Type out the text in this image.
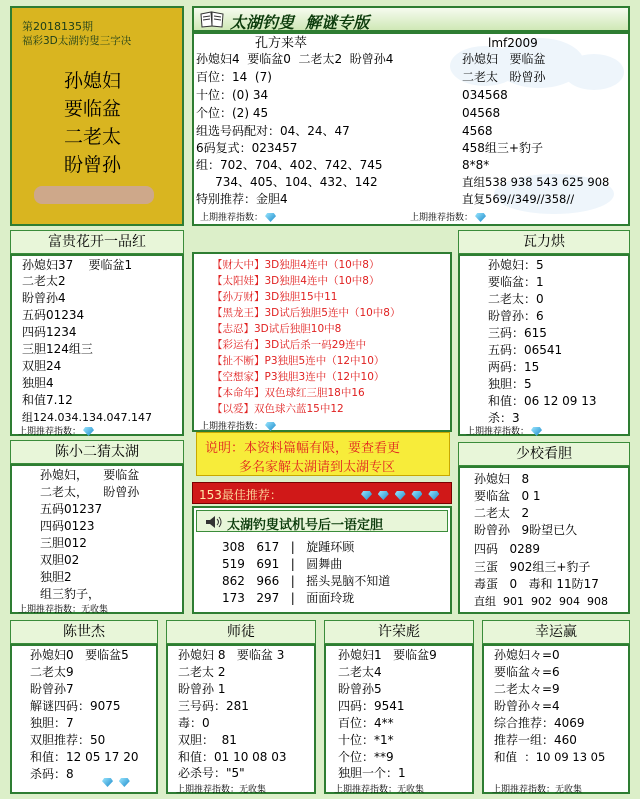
第2018135期
福彩3D太湖钓叟三字决
孙媳妇
要临盆
二老太
盼曾孙
太湖钓叟  解谜专版
孔方来萃
孙媳妇4  要临盆0  二老太2  盼曾孙4
百位：14  (7)
十位：(0) 34
个位：(2) 45
组选号码配对：04、24、47
6码复式：023457
组：702、704、402、742、745
734、405、104、432、142
特别推荐：金胆4
上期推荐指数：
lmf2009
孙媳妇   要临盆
二老太   盼曾孙
034568
04568
4568
458组三+豹子
8*8*
直组538 938 543 625 908
直复569//349//358//
上期推荐指数：
富贵花开一品红
孙媳妇37    要临盆1
二老太2
盼曾孙4
五码01234
四码1234
三胆124组三
双胆24
独胆4
和值7.12
组124.034.134.047.147
上期推荐指数：
【财大中】3D独胆4连中（10中8）
【太阳娃】3D独胆4连中（10中8）
【孙万财】3D独胆15中11
【黑龙王】3D试后独胆5连中（10中8）
【志忍】3D试后独胆10中8
【彩运有】3D试后杀一码29连中
【扯不断】P3独胆5连中（12中10）
【空想家】P3独胆3连中（12中10）
【本命年】双色球红三胆18中16
【以爱】双色球六蓝15中12
上期推荐指数：
瓦力烘
孙媳妇：5
要临盆：1
二老太：0
盼曾孙：6
三码：615
五码：06541
两码：15
独胆：5
和值：06 12 09 13
杀：3
上期推荐指数：
说明：本资料篇幅有限，要查看更
多名家解太湖请到太湖专区
陈小二猜太湖
孙媳妇，    要临盆
二老太，    盼曾孙
五码01237
四码0123
三胆012
双胆02
独胆2
组三豹子，
上期推荐指数：无收集
153最佳推荐：

太湖钓叟试机号后一语定胆
308 617   |   旋踵环顾
519 691   |   圆舞曲
862 966   |   摇头晃脑不知道
173 297   |   面面玲珑
少校看胆
孙媳妇   8
要临盆   0 1
二老太   2
盼曾孙   9盼望已久
四码   0289
三蛋   902组三+豹子
毒蛋   0   毒和 11防17
直组  901  902  904  908
陈世杰
孙媳妇0   要临盆5
二老太9
盼曾孙7
解谜四码：9075
独胆：7
双胆推荐：50
和值：12 05 17 20
杀码：8

师徒
孙媳妇 8   要临盆 3
二老太 2
盼曾孙 1
三号码：281
毒：0
双胆：  81
和值：01 10 08 03
必杀号："5"
上期推荐指数：无收集
许荣彪
孙媳妇1   要临盆9
二老太4
盼曾孙5
四码：9541
百位：4**
十位：*1*
个位：**9
独胆一个：1
上期推荐指数：无收集
幸运赢
孙媳妇々=0
要临盆々=6
二老太々=9
盼曾孙々=4
综合推荐：4069
推荐一组：460
和值  ：10 09 13 05
上期推荐指数：无收集
